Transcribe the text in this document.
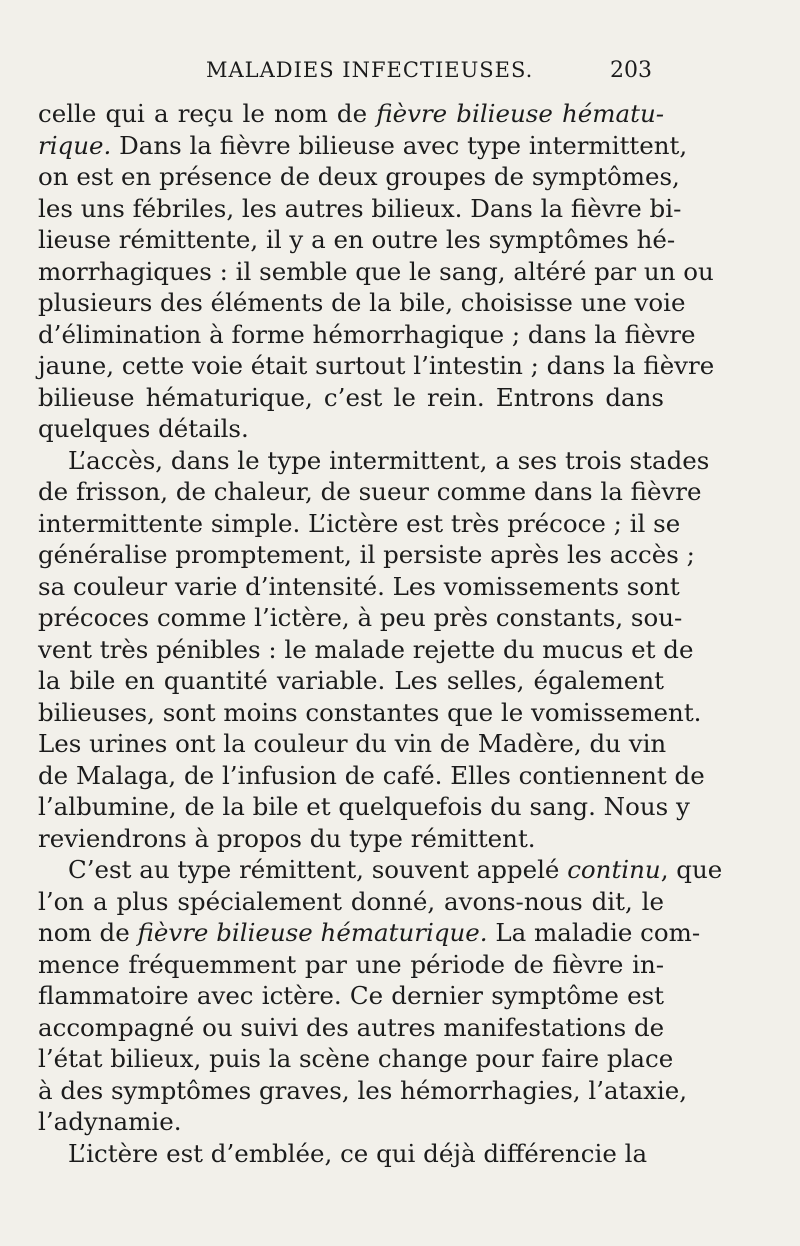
MALADIES INFECTIEUSES.	203
celle qui a reçu le nom de fièvre bilieuse hématu-
rique. Dans la fièvre bilieuse avec type intermittent,
on est en présence de deux groupes de symptômes,
les uns fébriles, les autres bilieux. Dans la fièvre bi-
lieuse rémittente, il y a en outre les symptômes hé-
morrhagiques : il semble que le sang, altéré par un ou
plusieurs des éléments de la bile, choisisse une voie
d’élimination à forme hémorrhagique ; dans la fièvre
jaune, cette voie était surtout l’intestin ; dans la fièvre
bilieuse hématurique, c’est le rein. Entrons dans
quelques détails.
L’accès, dans le type intermittent, a ses trois stades
de frisson, de chaleur, de sueur comme dans la fièvre
intermittente simple. L’ictère est très précoce ; il se
généralise promptement, il persiste après les accès ;
sa couleur varie d’intensité. Les vomissements sont
précoces comme l’ictère, à peu près constants, sou-
vent très pénibles : le malade rejette du mucus et de
la bile en quantité variable. Les selles, également
bilieuses, sont moins constantes que le vomissement.
Les urines ont la couleur du vin de Madère, du vin
de Malaga, de l’infusion de café. Elles contiennent de
l’albumine, de la bile et quelquefois du sang. Nous y
reviendrons à propos du type rémittent.
C’est au type rémittent, souvent appelé continu, que
l’on a plus spécialement donné, avons-nous dit, le
nom de fièvre bilieuse hématurique. La maladie com-
mence fréquemment par une période de fièvre in-
flammatoire avec ictère. Ce dernier symptôme est
accompagné ou suivi des autres manifestations de
l’état bilieux, puis la scène change pour faire place
à des symptômes graves, les hémorrhagies, l’ataxie,
l’adynamie.
L’ictère est d’emblée, ce qui déjà différencie la
